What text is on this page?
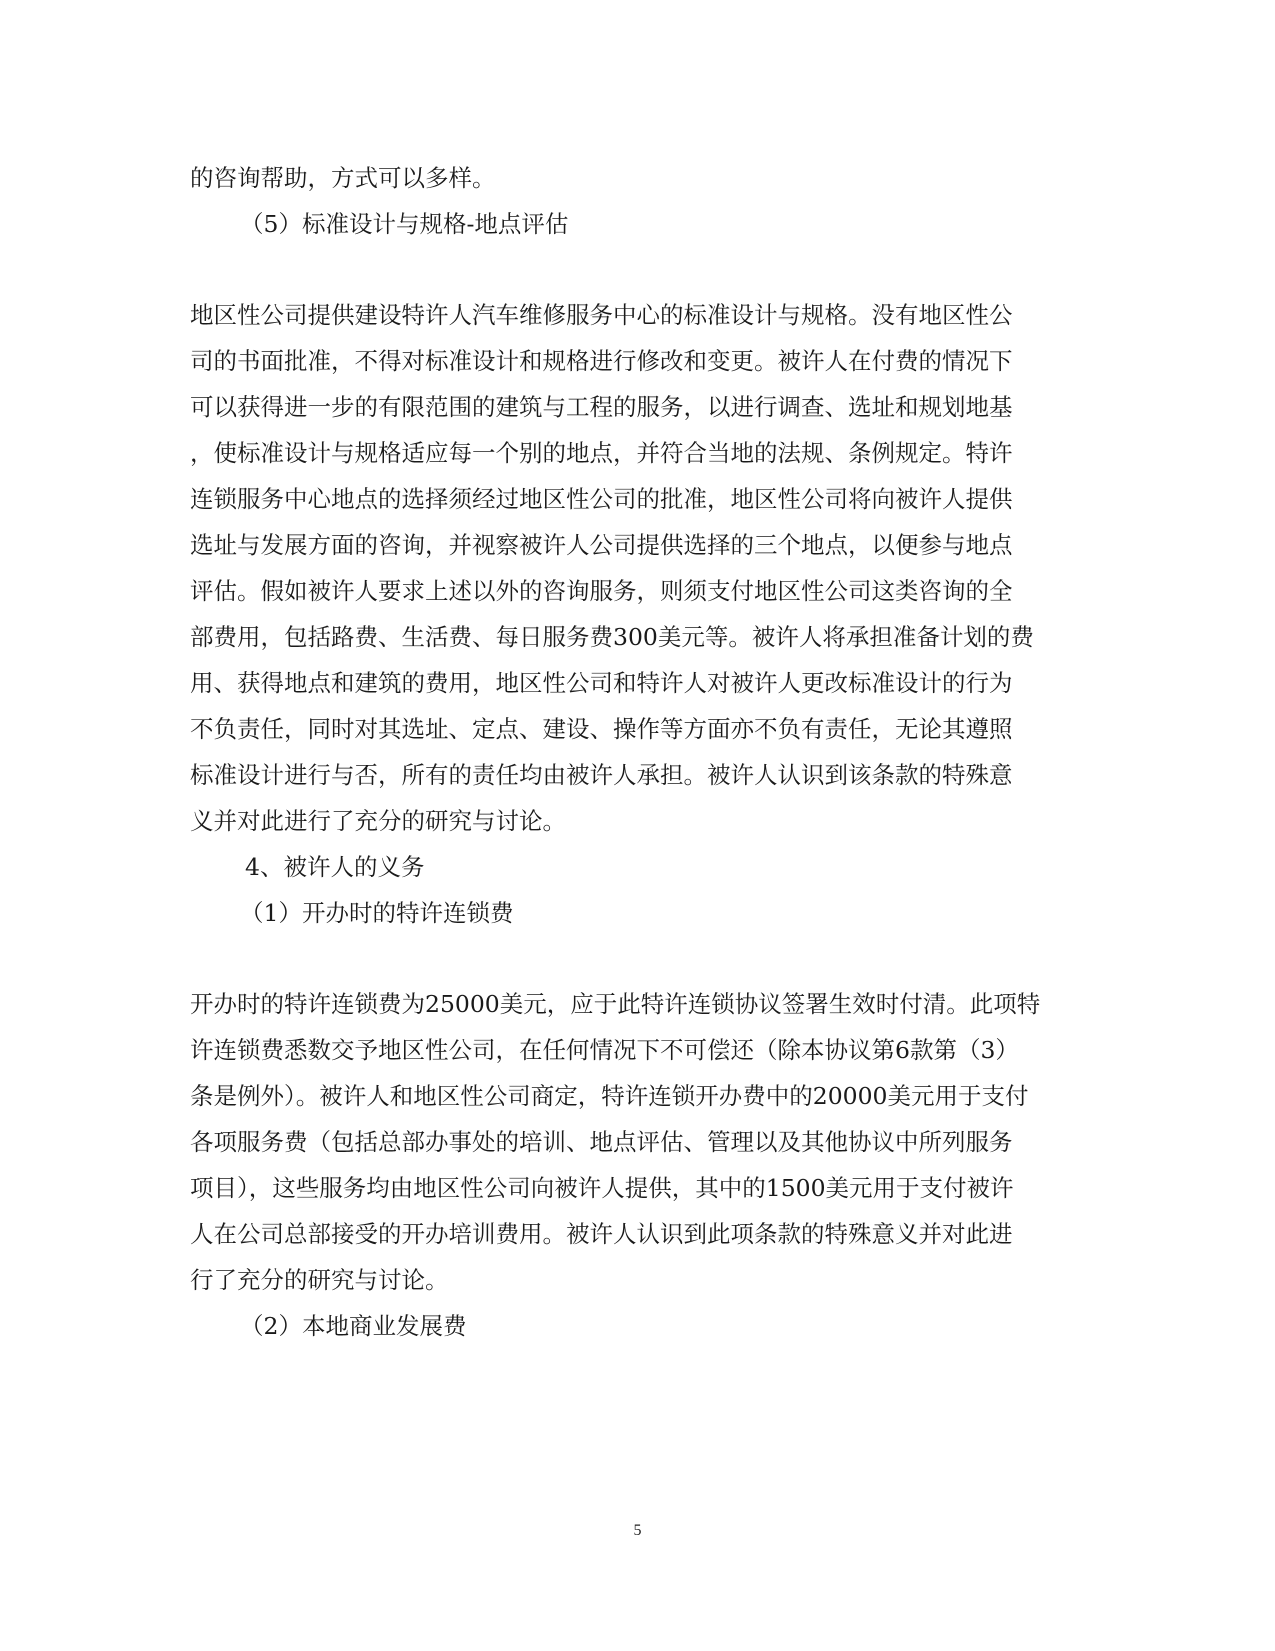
的咨询帮助，方式可以多样。
（5）标准设计与规格-地点评估
地区性公司提供建设特许人汽车维修服务中心的标准设计与规格。没有地区性公
司的书面批准，不得对标准设计和规格进行修改和变更。被许人在付费的情况下
可以获得进一步的有限范围的建筑与工程的服务，以进行调查、选址和规划地基
，使标准设计与规格适应每一个别的地点，并符合当地的法规、条例规定。特许
连锁服务中心地点的选择须经过地区性公司的批准，地区性公司将向被许人提供
选址与发展方面的咨询，并视察被许人公司提供选择的三个地点，以便参与地点
评估。假如被许人要求上述以外的咨询服务，则须支付地区性公司这类咨询的全
部费用，包括路费、生活费、每日服务费300美元等。被许人将承担准备计划的费
用、获得地点和建筑的费用，地区性公司和特许人对被许人更改标准设计的行为
不负责任，同时对其选址、定点、建设、操作等方面亦不负有责任，无论其遵照
标准设计进行与否，所有的责任均由被许人承担。被许人认识到该条款的特殊意
义并对此进行了充分的研究与讨论。
4、被许人的义务
（1）开办时的特许连锁费
开办时的特许连锁费为25000美元，应于此特许连锁协议签署生效时付清。此项特
许连锁费悉数交予地区性公司，在任何情况下不可偿还（除本协议第6款第（3）
条是例外）。被许人和地区性公司商定，特许连锁开办费中的20000美元用于支付
各项服务费（包括总部办事处的培训、地点评估、管理以及其他协议中所列服务
项目），这些服务均由地区性公司向被许人提供，其中的1500美元用于支付被许
人在公司总部接受的开办培训费用。被许人认识到此项条款的特殊意义并对此进
行了充分的研究与讨论。
（2）本地商业发展费
5
